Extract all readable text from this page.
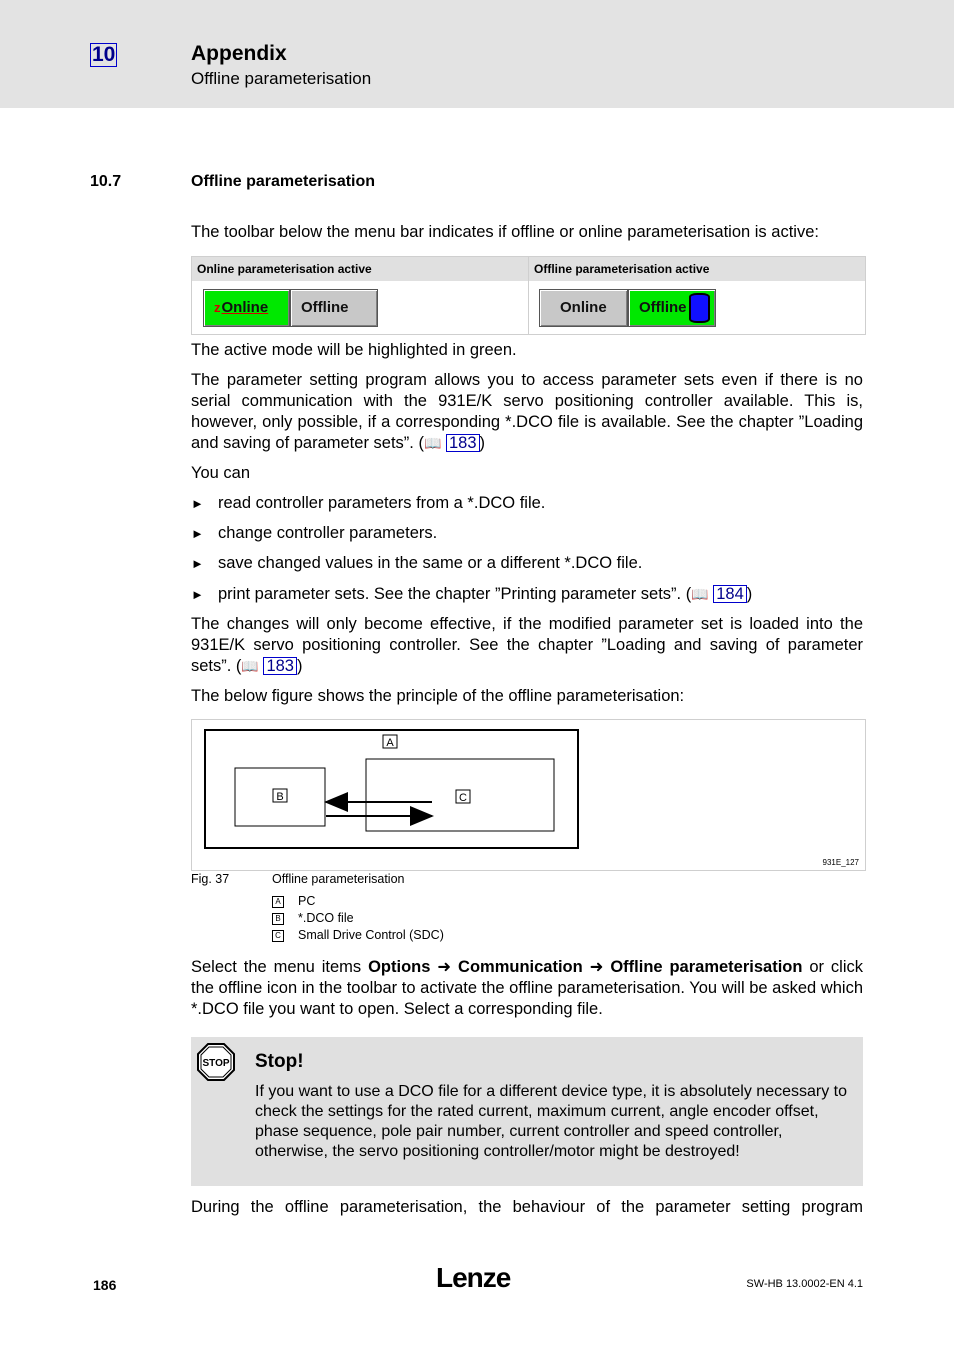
10	Appendix
Offline parameterisation
10.7	Offline parameterisation
The toolbar below the menu bar indicates if offline or online parameterisation is active:
Online parameterisation active
zOnline	Offline
Offline parameterisation active
Online	Offline
The active mode will be highlighted in green.
The parameter setting program allows you to access parameter sets even if there is no serial communication with the 931E/K servo positioning controller available. This is, however, only possible, if a corresponding *.DCO file is available. See the chapter ”Loading and saving of parameter sets”. (📖 183 )
You can
► read controller parameters from a *.DCO file.
► change controller parameters.
► save changed values in the same or a different *.DCO file.
► print parameter sets. See the chapter ”Printing parameter sets”. (📖 184 )
The changes will only become effective, if the modified parameter set is loaded into the 931E/K servo positioning controller. See the chapter ”Loading and saving of parameter sets”. (📖 183 )
The below figure shows the principle of the offline parameterisation:
A
B	C
931E_127
Fig. 37	Offline parameterisation
A PC
B *.DCO file
C Small Drive Control (SDC)
Select the menu items Options ➜ Communication ➜ Offline parameterisation or click the offline icon in the toolbar to activate the offline parameterisation. You will be asked which *.DCO file you want to open. Select a corresponding file.
STOP Stop!
If you want to use a DCO file for a different device type, it is absolutely necessary to check the settings for the rated current, maximum current, angle encoder offset, phase sequence, pole pair number, current controller and speed controller, otherwise, the servo positioning controller/motor might be destroyed!
During the offline parameterisation, the behaviour of the parameter setting program
186	Lenze	SW-HB 13.0002-EN 4.1
